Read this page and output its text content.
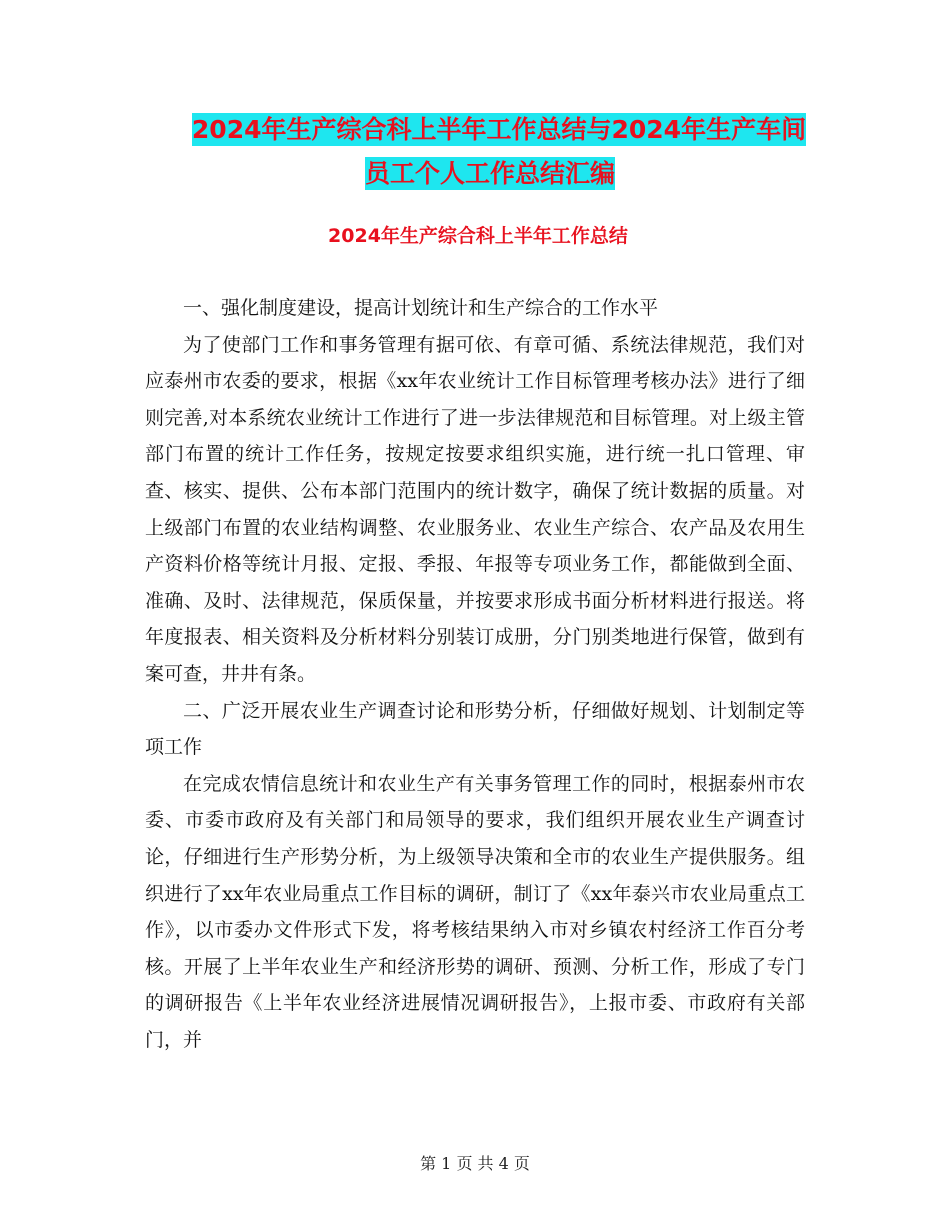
2024年生产综合科上半年工作总结与2024年生产车间
员工个人工作总结汇编
2024年生产综合科上半年工作总结

一、强化制度建设，提高计划统计和生产综合的工作水平

为了使部门工作和事务管理有据可依、有章可循、系统法律规范，我们对应泰州市农委的要求，根据《xx年农业统计工作目标管理考核办法》进行了细则完善,对本系统农业统计工作进行了进一步法律规范和目标管理。对上级主管部门布置的统计工作任务，按规定按要求组织实施，进行统一扎口管理、审查、核实、提供、公布本部门范围内的统计数字，确保了统计数据的质量。对上级部门布置的农业结构调整、农业服务业、农业生产综合、农产品及农用生产资料价格等统计月报、定报、季报、年报等专项业务工作，都能做到全面、准确、及时、法律规范，保质保量，并按要求形成书面分析材料进行报送。将年度报表、相关资料及分析材料分别装订成册，分门别类地进行保管，做到有案可查，井井有条。

二、广泛开展农业生产调查讨论和形势分析，仔细做好规划、计划制定等项工作

在完成农情信息统计和农业生产有关事务管理工作的同时，根据泰州市农委、市委市政府及有关部门和局领导的要求，我们组织开展农业生产调查讨论，仔细进行生产形势分析，为上级领导决策和全市的农业生产提供服务。组织进行了xx年农业局重点工作目标的调研，制订了《xx年泰兴市农业局重点工作》，以市委办文件形式下发，将考核结果纳入市对乡镇农村经济工作百分考核。开展了上半年农业生产和经济形势的调研、预测、分析工作，形成了专门的调研报告《上半年农业经济进展情况调研报告》，上报市委、市政府有关部门，并

第 1 页 共 4 页
